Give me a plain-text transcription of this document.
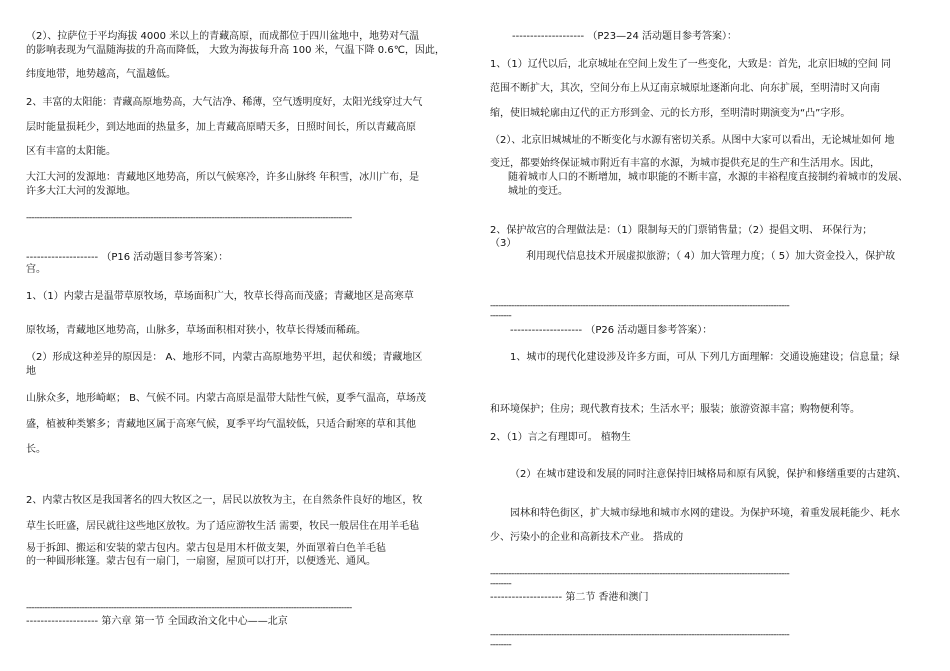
（2）、拉萨位于平均海拔 4000 米以上的青藏高原，而成都位于四川盆地中，地势对气温
的影响表现为气温随海拔的升高而降低， 大致为海拔每升高 100 米，气温下降 0.6℃，因此，
纬度地带，地势越高，气温越低。
2、丰富的太阳能：青藏高原地势高，大气洁净、稀薄，空气透明度好，太阳光线穿过大气
层时能量损耗少，到达地面的热量多，加上青藏高原晴天多，日照时间长，所以青藏高原
区有丰富的太阳能。
大江大河的发源地：青藏地区地势高，所以气候寒冷，许多山脉终 年积雪，冰川广布，是
许多大江大河的发源地。
---------------------------------------------------------------------------------------------------------------------------
-------------------- （P16 活动题目参考答案）：
宫。
1、（1）内蒙古是温带草原牧场，草场面积广大，牧草长得高而茂盛；青藏地区是高寒草
原牧场，青藏地区地势高，山脉多，草场面积相对狭小，牧草长得矮而稀疏。
（2）形成这种差异的原因是： A、地形不同，内蒙古高原地势平坦，起伏和缓；青藏地区
地
山脉众多，地形崎岖； B、气候不同。内蒙古高原是温带大陆性气候，夏季气温高，草场茂
盛，植被种类繁多；青藏地区属于高寒气候，夏季平均气温较低，只适合耐寒的草和其他
长。
2、内蒙古牧区是我国著名的四大牧区之一，居民以放牧为主，在自然条件良好的地区，牧
草生长旺盛，居民就往这些地区放牧。为了适应游牧生活 需要，牧民一般居住在用羊毛毡
易于拆卸、搬运和安装的蒙古包内。蒙古包是用木杆做支架，外面罩着白色羊毛毡
的一种圆形帐篷。蒙古包有一扇门，一扇窗，屋顶可以打开，以便透光、通风。
---------------------------------------------------------------------------------------------------------------------------
-------------------- 第六章 第一节 全国政治文化中心——北京
-------------------- （P23—24 活动题目参考答案）：
1、（1）辽代以后，北京城址在空间上发生了一些变化，大致是：首先，北京旧城的空间 同
范围不断扩大，其次，空间分布上从辽南京城原址逐渐向北、向东扩展，至明清时又向南
缩，使旧城轮廓由辽代的正方形到金、元的长方形，至明清时期演变为“凸”字形。
（2）、北京旧城城址的不断变化与水源有密切关系。从图中大家可以看出，无论城址如何 地
变迁，都要始终保证城市附近有丰富的水源，为城市提供充足的生产和生活用水。因此，
随着城市人口的不断增加，城市职能的不断丰富，水源的丰裕程度直接制约着城市的发展、
城址的变迁。
2、保护故宫的合理做法是：（1）限制每天的门票销售量；（2）提倡文明、 环保行为；
（3）
利用现代信息技术开展虚拟旅游；（ 4）加大管理力度；（ 5）加大资金投入，保护故
-----------------------------------------------------------------------------------------------------------------
--------
-------------------- （P26 活动题目参考答案）：
1、城市的现代化建设涉及许多方面，可从 下列几方面理解：交通设施建设；信息量；绿
和环境保护；住房；现代教育技术；生活水平；服装；旅游资源丰富；购物便利等。
2、（1）言之有理即可。 植物生
（2）在城市建设和发展的同时注意保持旧城格局和原有风貌，保护和修缮重要的古建筑、
园林和特色街区，扩大城市绿地和城市水网的建设。为保护环境，着重发展耗能少、耗水
少、污染小的企业和高新技术产业。 搭成的
-----------------------------------------------------------------------------------------------------------------
--------
-------------------- 第二节 香港和澳门
-----------------------------------------------------------------------------------------------------------------
--------
